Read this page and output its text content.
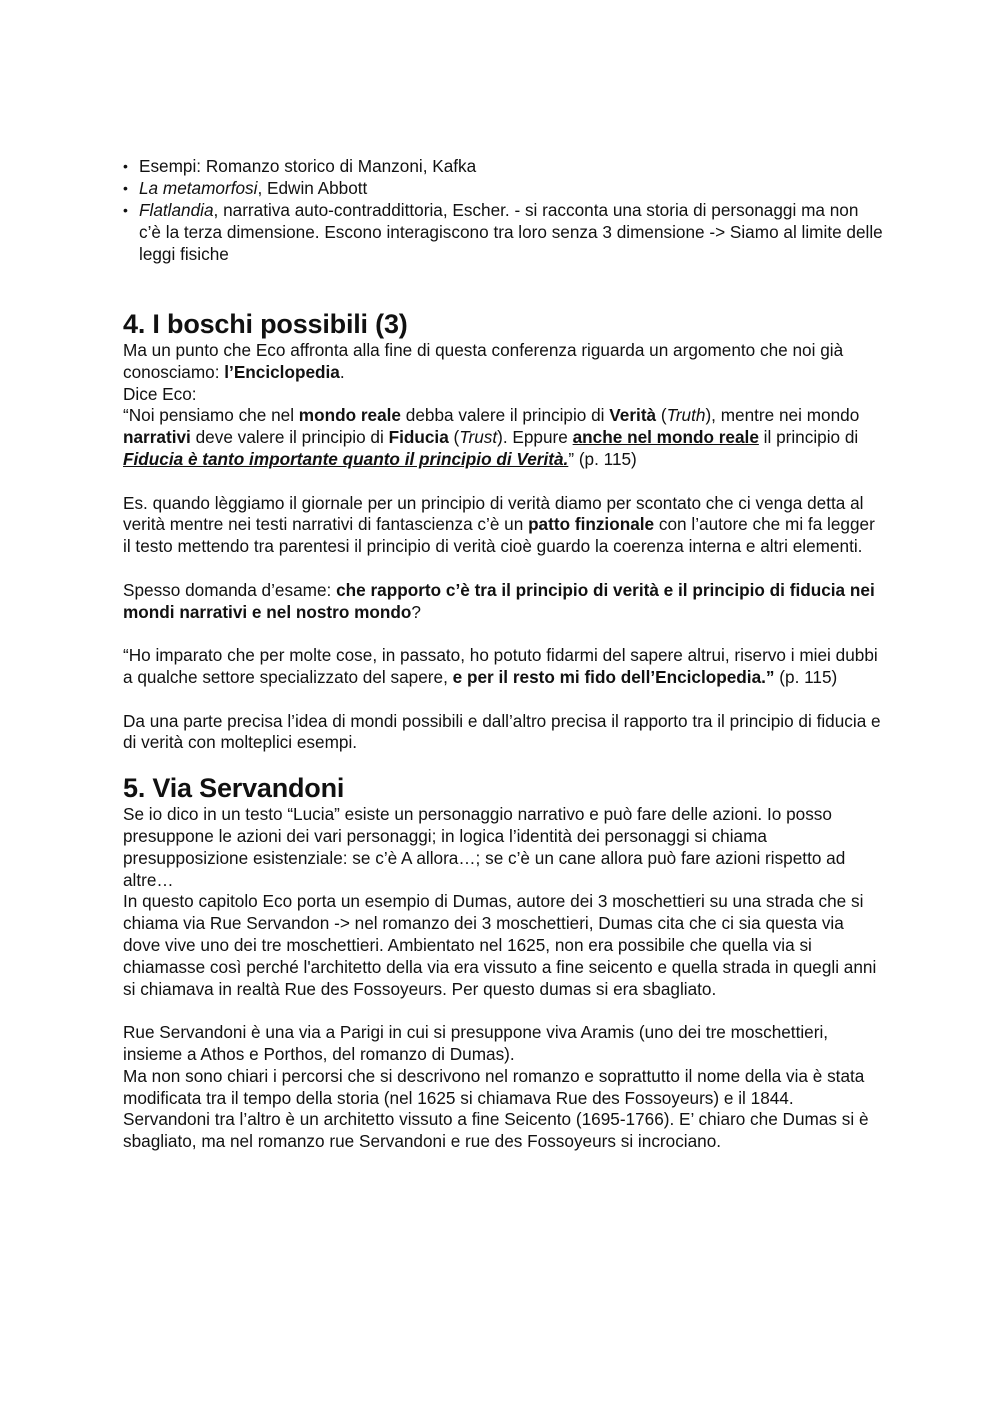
• Esempi: Romanzo storico di Manzoni, Kafka
• La metamorfosi, Edwin Abbott
• Flatlandia, narrativa auto-contraddittoria, Escher. - si racconta una storia di personaggi ma non c’è la terza dimensione. Escono interagiscono tra loro senza 3 dimensione -> Siamo al limite delle leggi fisiche
4. I boschi possibili (3)

Ma un punto che Eco affronta alla fine di questa conferenza riguarda un argomento che noi già conosciamo: l’Enciclopedia.

Dice Eco:

“Noi pensiamo che nel mondo reale debba valere il principio di Verità (Truth), mentre nei mondo narrativi deve valere il principio di Fiducia (Trust). Eppure anche nel mondo reale il principio di Fiducia è tanto importante quanto il principio di Verità.” (p. 115)

Es. quando lèggiamo il giornale per un principio di verità diamo per scontato che ci venga detta al verità mentre nei testi narrativi di fantascienza c’è un patto finzionale con l’autore che mi fa legger il testo mettendo tra parentesi il principio di verità cioè guardo la coerenza interna e altri elementi.

Spesso domanda d’esame: che rapporto c’è tra il principio di verità e il principio di fiducia nei mondi narrativi e nel nostro mondo?

“Ho imparato che per molte cose, in passato, ho potuto fidarmi del sapere altrui, riservo i miei dubbi a qualche settore specializzato del sapere, e per il resto mi fido dell’Enciclopedia.” (p. 115)

Da una parte precisa l’idea di mondi possibili e dall’altro precisa il rapporto tra il principio di fiducia e di verità con molteplici esempi.

5. Via Servandoni

Se io dico in un testo “Lucia” esiste un personaggio narrativo e può fare delle azioni. Io posso presuppone le azioni dei vari personaggi; in logica l’identità dei personaggi si chiama presupposizione esistenziale: se c’è A allora…; se c’è un cane allora può fare azioni rispetto ad altre…

In questo capitolo Eco porta un esempio di Dumas, autore dei 3 moschettieri su una strada che si chiama via Rue Servandon -> nel romanzo dei 3 moschettieri, Dumas cita che ci sia questa via dove vive uno dei tre moschettieri. Ambientato nel 1625, non era possibile che quella via si chiamasse così perché l'architetto della via era vissuto a fine seicento e quella strada in quegli anni si chiamava in realtà Rue des Fossoyeurs. Per questo dumas si era sbagliato.

Rue Servandoni è una via a Parigi in cui si presuppone viva Aramis (uno dei tre moschettieri, insieme a Athos e Porthos, del romanzo di Dumas).

Ma non sono chiari i percorsi che si descrivono nel romanzo e soprattutto il nome della via è stata modificata tra il tempo della storia (nel 1625 si chiamava Rue des Fossoyeurs) e il 1844. Servandoni tra l’altro è un architetto vissuto a fine Seicento (1695-1766). E’ chiaro che Dumas si è sbagliato, ma nel romanzo rue Servandoni e rue des Fossoyeurs si incrociano.
